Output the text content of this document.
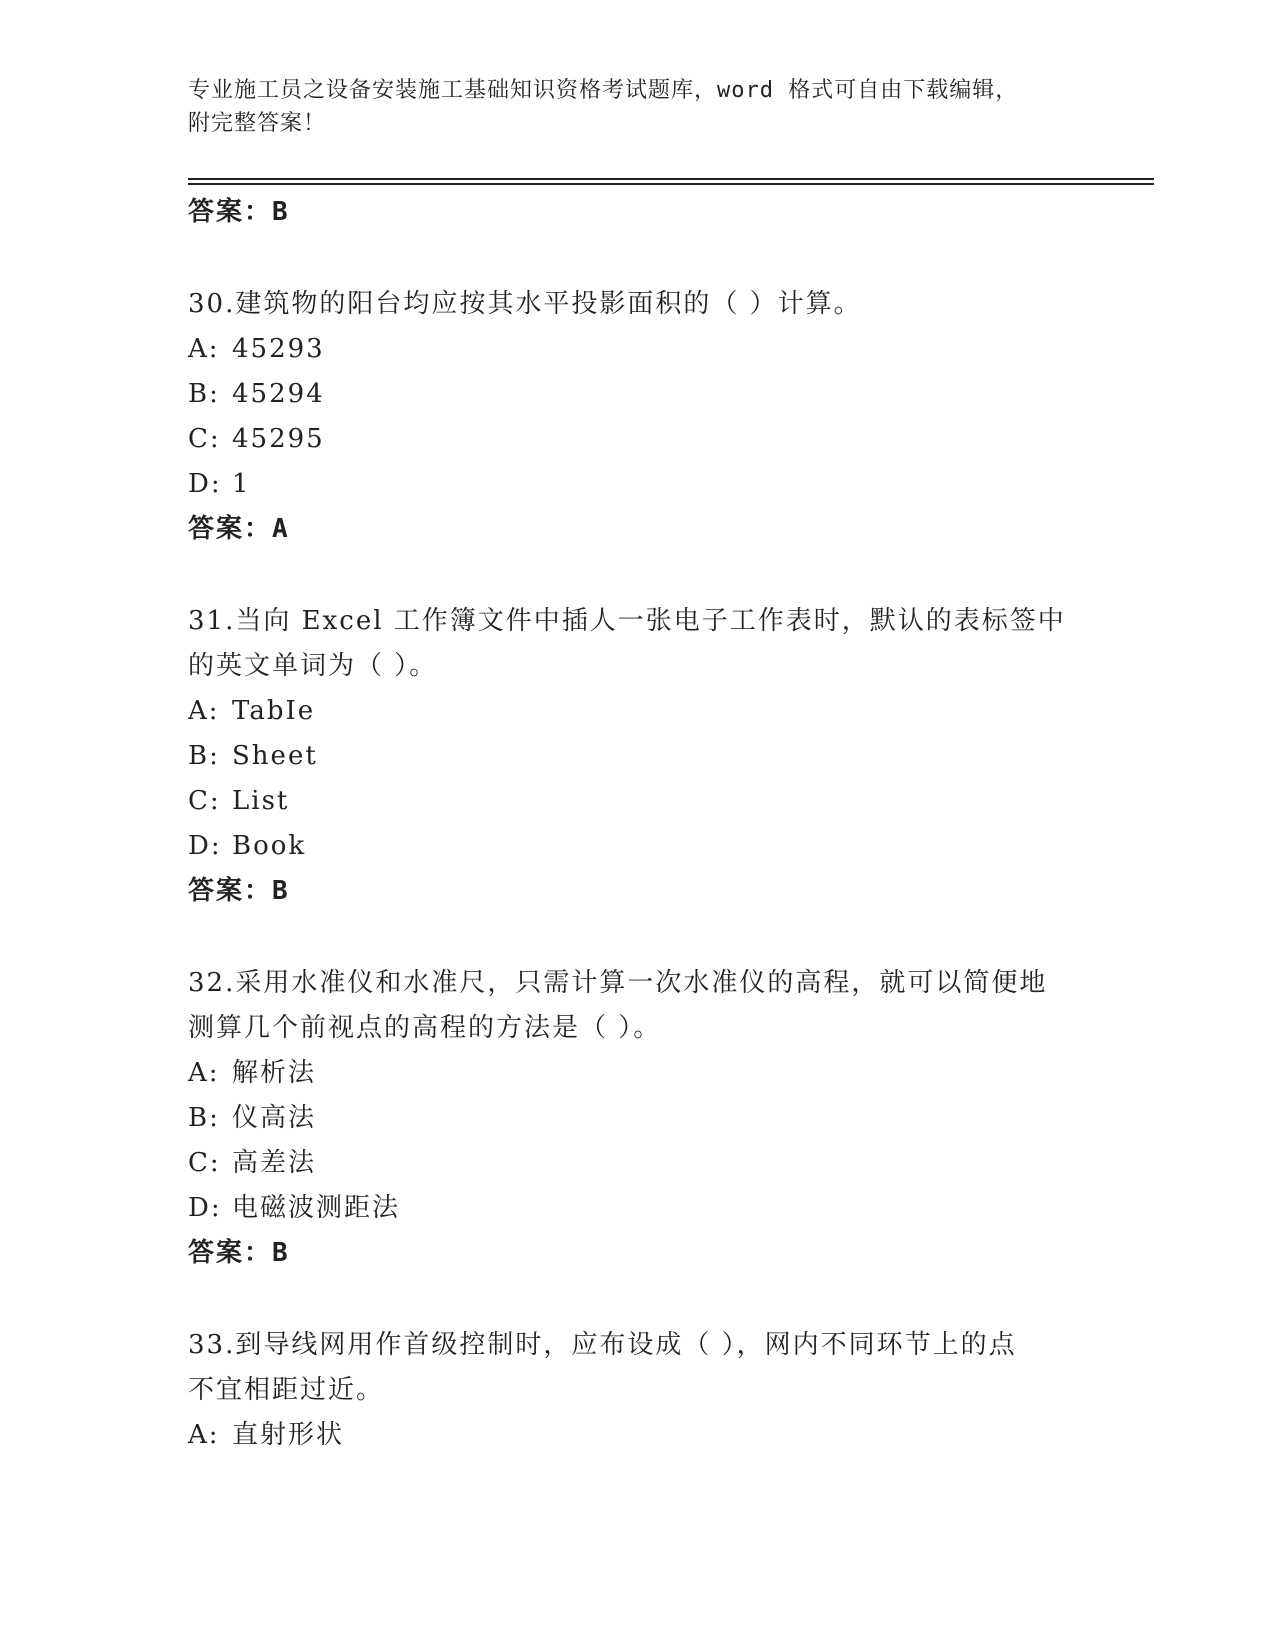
专业施工员之设备安装施工基础知识资格考试题库，word 格式可自由下载编辑，
附完整答案！

答案：B
30.建筑物的阳台均应按其水平投影面积的（ ）计算。
A: 45293
B: 45294
C: 45295
D: 1
答案：A
31.当向 Excel 工作簿文件中插人一张电子工作表时，默认的表标签中
的英文单词为（ ）。
A: TabIe
B: Sheet
C: List
D: Book
答案：B
32.采用水准仪和水准尺，只需计算一次水准仪的高程，就可以简便地
测算几个前视点的高程的方法是（ ）。
A: 解析法
B: 仪高法
C: 高差法
D: 电磁波测距法
答案：B
33.到导线网用作首级控制时，应布设成（ ），网内不同环节上的点
不宜相距过近。
A: 直射形状
